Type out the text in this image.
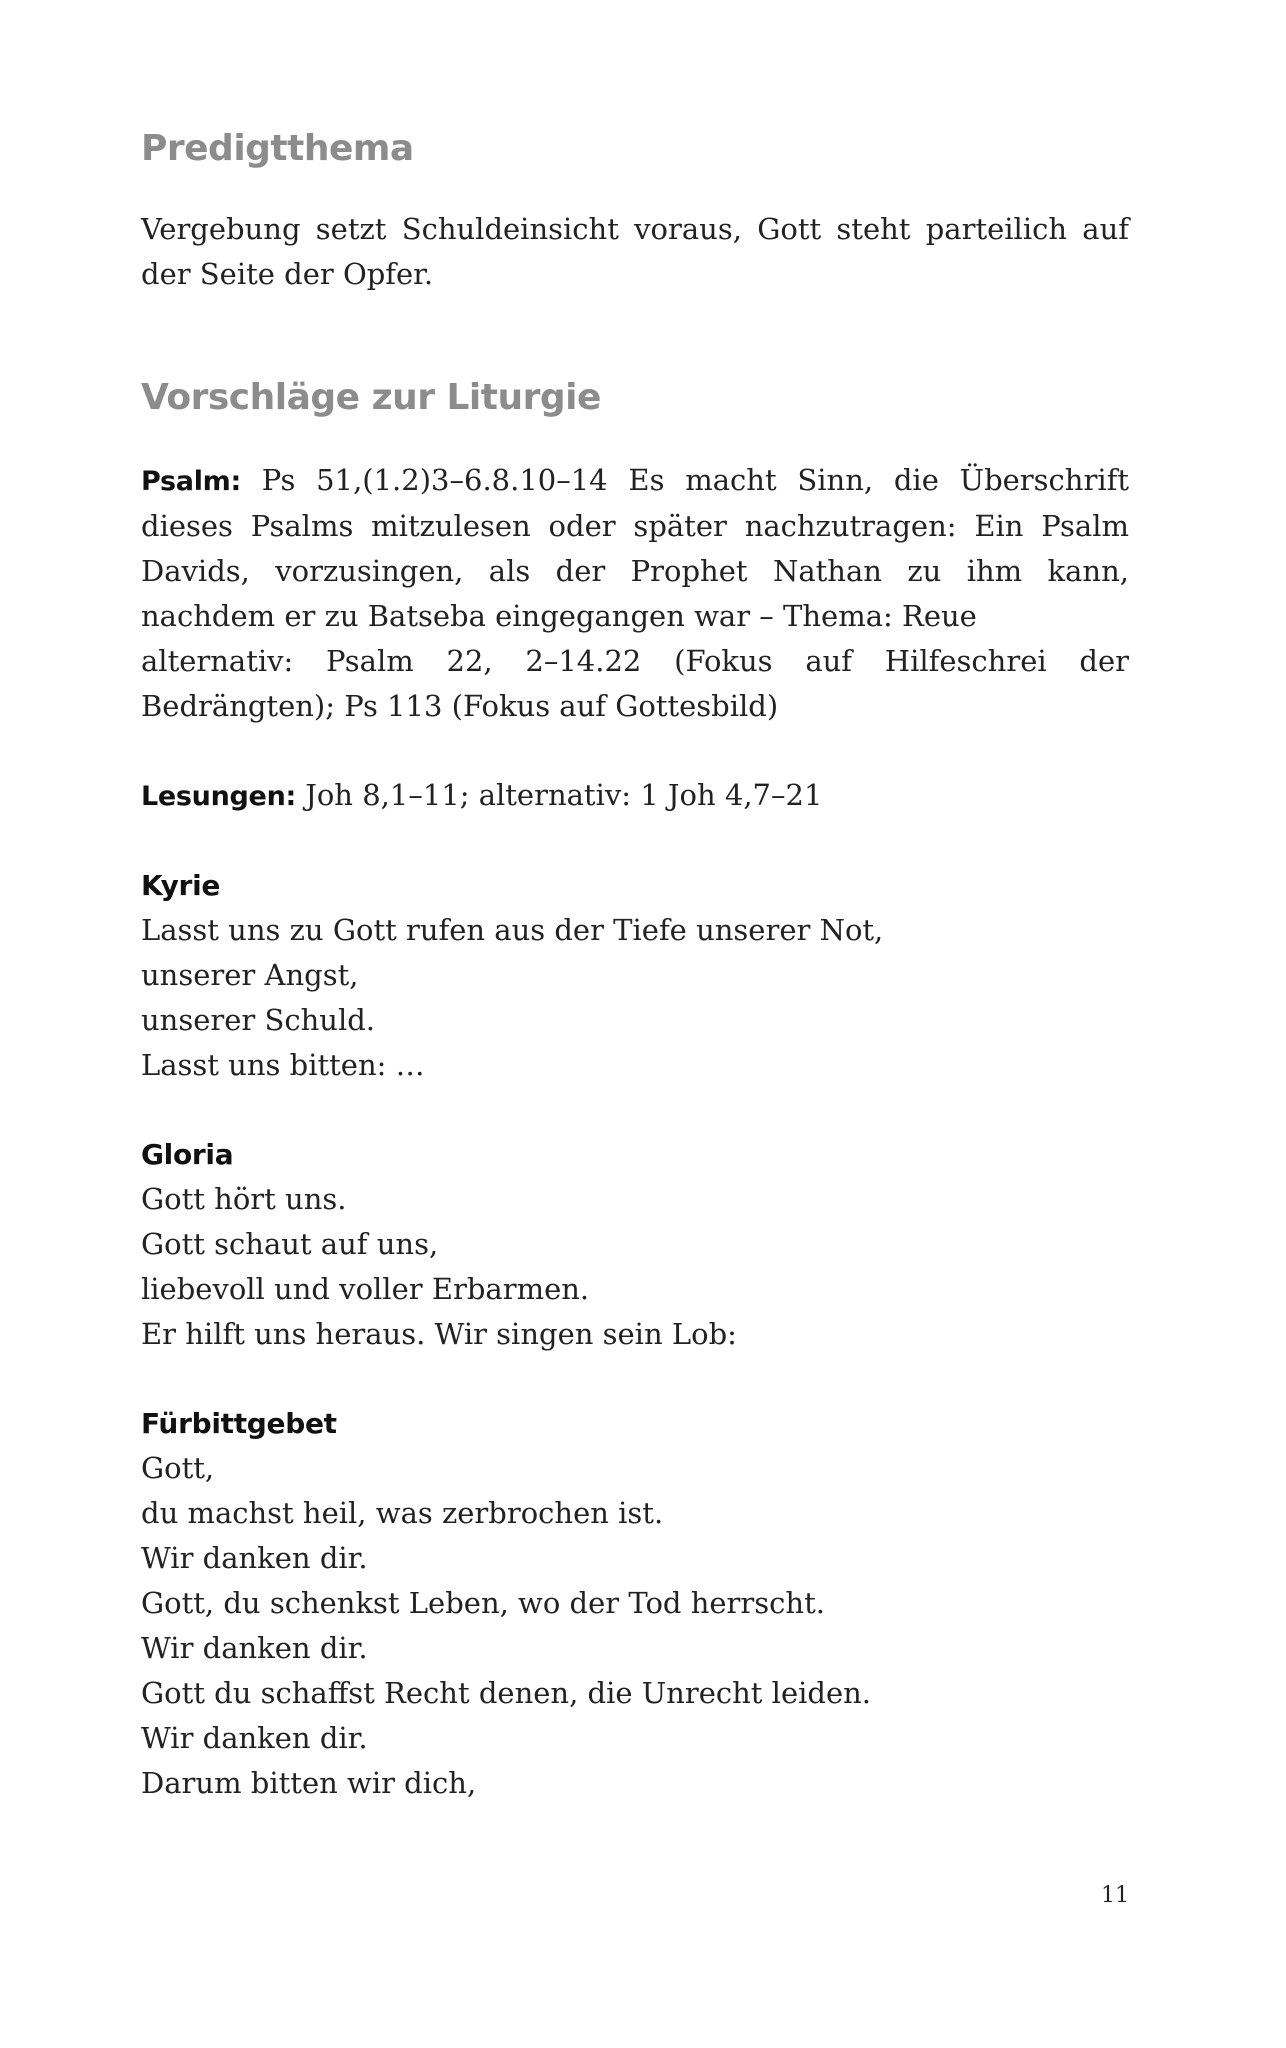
Predigtthema

Vergebung setzt Schuldeinsicht voraus, Gott steht parteilich auf der Seite der Opfer.

Vorschläge zur Liturgie

Psalm: Ps 51,(1.2)3–6.8.10–14 Es macht Sinn, die Überschrift dieses Psalms mitzulesen oder später nachzutragen: Ein Psalm Davids, vorzusingen, als der Prophet Nathan zu ihm kann, nachdem er zu Batseba eingegangen war – Thema: Reue

alternativ: Psalm 22, 2–14.22 (Fokus auf Hilfeschrei der Bedrängten); Ps 113 (Fokus auf Gottesbild)

Lesungen: Joh 8,1–11; alternativ: 1 Joh 4,7–21

Kyrie
Lasst uns zu Gott rufen aus der Tiefe unserer Not,
unserer Angst,
unserer Schuld.
Lasst uns bitten: …
Gloria
Gott hört uns.
Gott schaut auf uns,
liebevoll und voller Erbarmen.
Er hilft uns heraus. Wir singen sein Lob:
Fürbittgebet
Gott,
du machst heil, was zerbrochen ist.
Wir danken dir.
Gott, du schenkst Leben, wo der Tod herrscht.
Wir danken dir.
Gott du schaffst Recht denen, die Unrecht leiden.
Wir danken dir.
Darum bitten wir dich,
11
